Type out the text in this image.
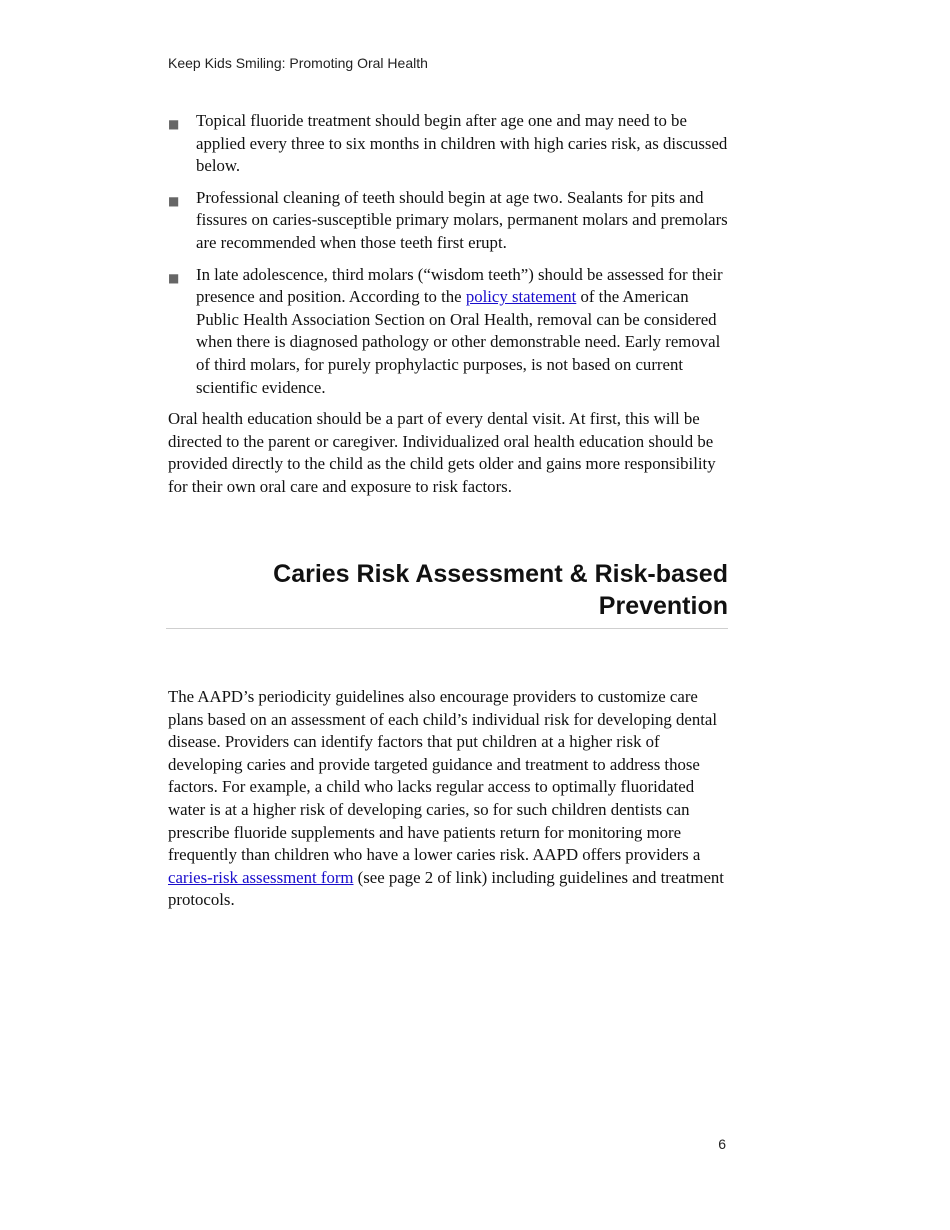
Keep Kids Smiling: Promoting Oral Health
■ Topical fluoride treatment should begin after age one and may need to be applied every three to six months in children with high caries risk, as discussed below.
■ Professional cleaning of teeth should begin at age two. Sealants for pits and fissures on caries-susceptible primary molars, permanent molars and premolars are recommended when those teeth first erupt.
■ In late adolescence, third molars (“wisdom teeth”) should be assessed for their presence and position. According to the policy statement of the American Public Health Association Section on Oral Health, removal can be considered when there is diagnosed pathology or other demonstrable need. Early removal of third molars, for purely prophylactic purposes, is not based on current scientific evidence.

Oral health education should be a part of every dental visit. At first, this will be directed to the parent or caregiver. Individualized oral health education should be provided directly to the child as the child gets older and gains more responsibility for their own oral care and exposure to risk factors.

Caries Risk Assessment & Risk-based
Prevention

The AAPD’s periodicity guidelines also encourage providers to customize care plans based on an assessment of each child’s individual risk for developing dental disease. Providers can identify factors that put children at a higher risk of developing caries and provide targeted guidance and treatment to address those factors. For example, a child who lacks regular access to optimally fluoridated water is at a higher risk of developing caries, so for such children dentists can prescribe fluoride supplements and have patients return for monitoring more frequently than children who have a lower caries risk. AAPD offers providers a caries-risk assessment form (see page 2 of link) including guidelines and treatment protocols.

6
